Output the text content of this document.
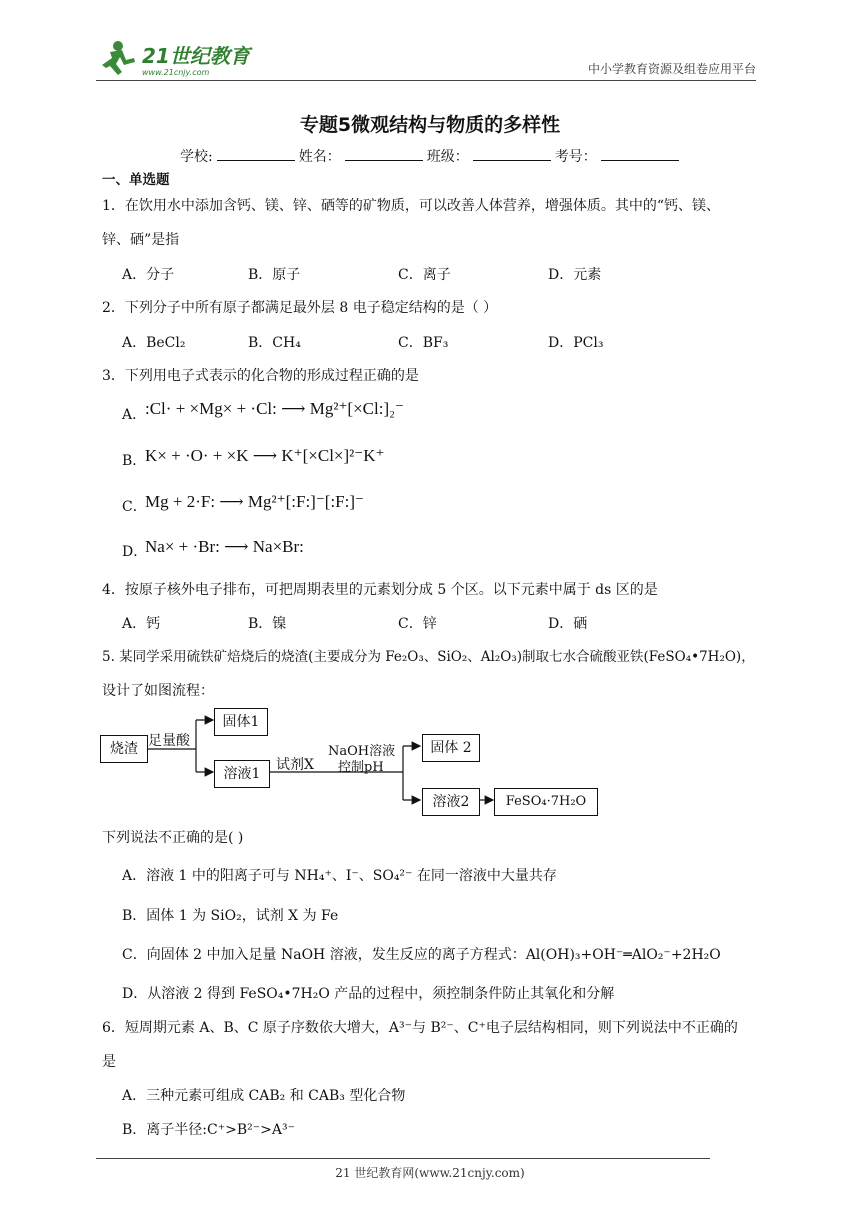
21世纪教育
www.21cnjy.com	中小学教育资源及组卷应用平台
专题5微观结构与物质的多样性
学校:	姓名：	班级：	考号：
一、单选题
1．在饮用水中添加含钙、镁、锌、硒等的矿物质，可以改善人体营养，增强体质。其中的“钙、镁、
锌、硒”是指
A．分子	B．原子	C．离子	D．元素
2．下列分子中所有原子都满足最外层 8 电子稳定结构的是（ ）
A．BeCl₂	B．CH₄	C．BF₃	D．PCl₃
3．下列用电子式表示的化合物的形成过程正确的是
A．
:Cl· + ×Mg× + ·Cl: ⟶ Mg²⁺[×Cl:]₂⁻
B．
K× + ·O· + ×K ⟶ K⁺[×Cl×]²⁻K⁺
C．
Mg + 2·F: ⟶ Mg²⁺[:F:]⁻[:F:]⁻
D．
Na× + ·Br: ⟶ Na×Br:
4．按原子核外电子排布，可把周期表里的元素划分成 5 个区。以下元素中属于 ds 区的是
A．钙	B．镍	C．锌	D．硒
5. 某同学采用硫铁矿焙烧后的烧渣(主要成分为 Fe₂O₃、SiO₂、Al₂O₃)制取七水合硫酸亚铁(FeSO₄•7H₂O)，
设计了如图流程：
烧渣 足量酸
固体1
溶液1
试剂X
NaOH溶液
控制pH
固体 2
溶液2	FeSO₄·7H₂O
下列说法不正确的是( )
A．溶液 1 中的阳离子可与 NH₄⁺、I⁻、SO₄²⁻ 在同一溶液中大量共存
B．固体 1 为 SiO₂，试剂 X 为 Fe
C．向固体 2 中加入足量 NaOH 溶液，发生反应的离子方程式：Al(OH)₃+OH⁻═AlO₂⁻+2H₂O
D．从溶液 2 得到 FeSO₄•7H₂O 产品的过程中，须控制条件防止其氧化和分解
6．短周期元素 A、B、C 原子序数依大增大，A³⁻与 B²⁻、C⁺电子层结构相同，则下列说法中不正确的
是
A．三种元素可组成 CAB₂ 和 CAB₃ 型化合物
B．离子半径:C⁺>B²⁻>A³⁻
21 世纪教育网(www.21cnjy.com)
